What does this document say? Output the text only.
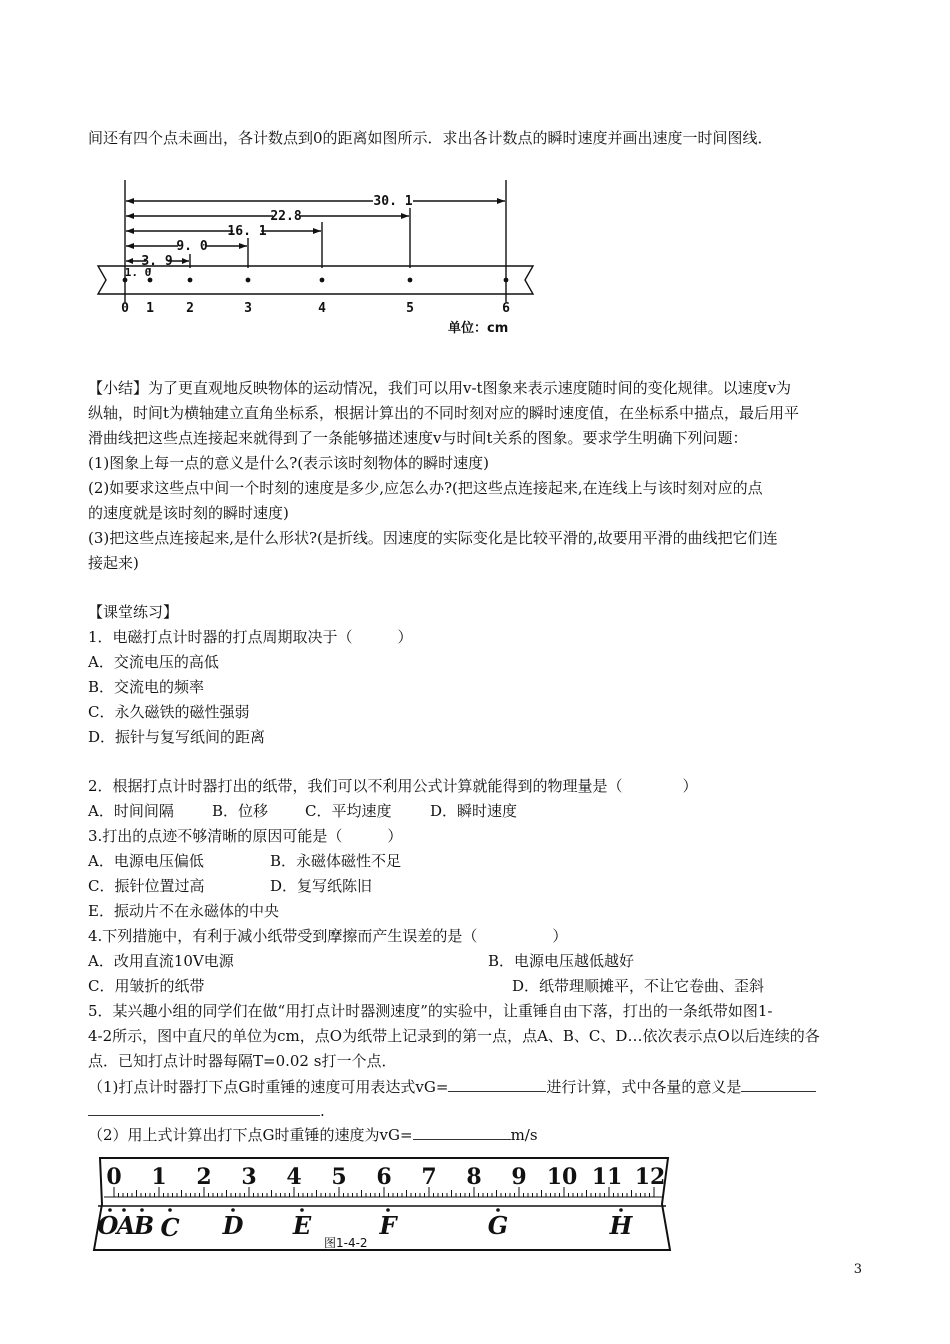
间还有四个点未画出，各计数点到0的距离如图所示．求出各计数点的瞬时速度并画出速度一时间图线．
30. 1
22.8
16. 1
9. 0
3. 9
1. 0
0 1 2	3	4	5	6
单位：cm
【小结】为了更直观地反映物体的运动情况，我们可以用v-t图象来表示速度随时间的变化规律。以速度v为
纵轴，时间t为横轴建立直角坐标系，根据计算出的不同时刻对应的瞬时速度值，在坐标系中描点，最后用平
滑曲线把这些点连接起来就得到了一条能够描述速度v与时间t关系的图象。要求学生明确下列问题：
(1)图象上每一点的意义是什么?(表示该时刻物体的瞬时速度)
(2)如要求这些点中间一个时刻的速度是多少,应怎么办?(把这些点连接起来,在连线上与该时刻对应的点
的速度就是该时刻的瞬时速度)
(3)把这些点连接起来,是什么形状?(是折线。因速度的实际变化是比较平滑的,故要用平滑的曲线把它们连
接起来)
【课堂练习】
1．电磁打点计时器的打点周期取决于（　　　）
A．交流电压的高低
B．交流电的频率
C．永久磁铁的磁性强弱
D．振针与复写纸间的距离
2．根据打点计时器打出的纸带，我们可以不利用公式计算就能得到的物理量是（　　　　）
A．时间间隔	B．位移 C．平均速度	D．瞬时速度
3.打出的点迹不够清晰的原因可能是（　　　）
A．电源电压偏低	B．永磁体磁性不足
C．振针位置过高	D．复写纸陈旧
E．振动片不在永磁体的中央
4.下列措施中，有利于减小纸带受到摩擦而产生误差的是（　　　　　）
A．改用直流10V电源	B．电源电压越低越好
C．用皱折的纸带	D．纸带理顺摊平，不让它卷曲、歪斜
5．某兴趣小组的同学们在做“用打点计时器测速度”的实验中，让重锤自由下落，打出的一条纸带如图1-
4-2所示，图中直尺的单位为cm，点O为纸带上记录到的第一点，点A、B、C、D…依次表示点O以后连续的各
点．已知打点计时器每隔T=0.02 s打一个点．
（1)打点计时器打下点G时重锤的速度可用表达式vG=	进行计算，式中各量的意义是
.
（2）用上式计算出打下点G时重锤的速度为vG=	m/s
0 1 2 3 4 5 6 7 8 9 10 11 12
O
A
B C D E	F	G	H
图1-4-2
3
